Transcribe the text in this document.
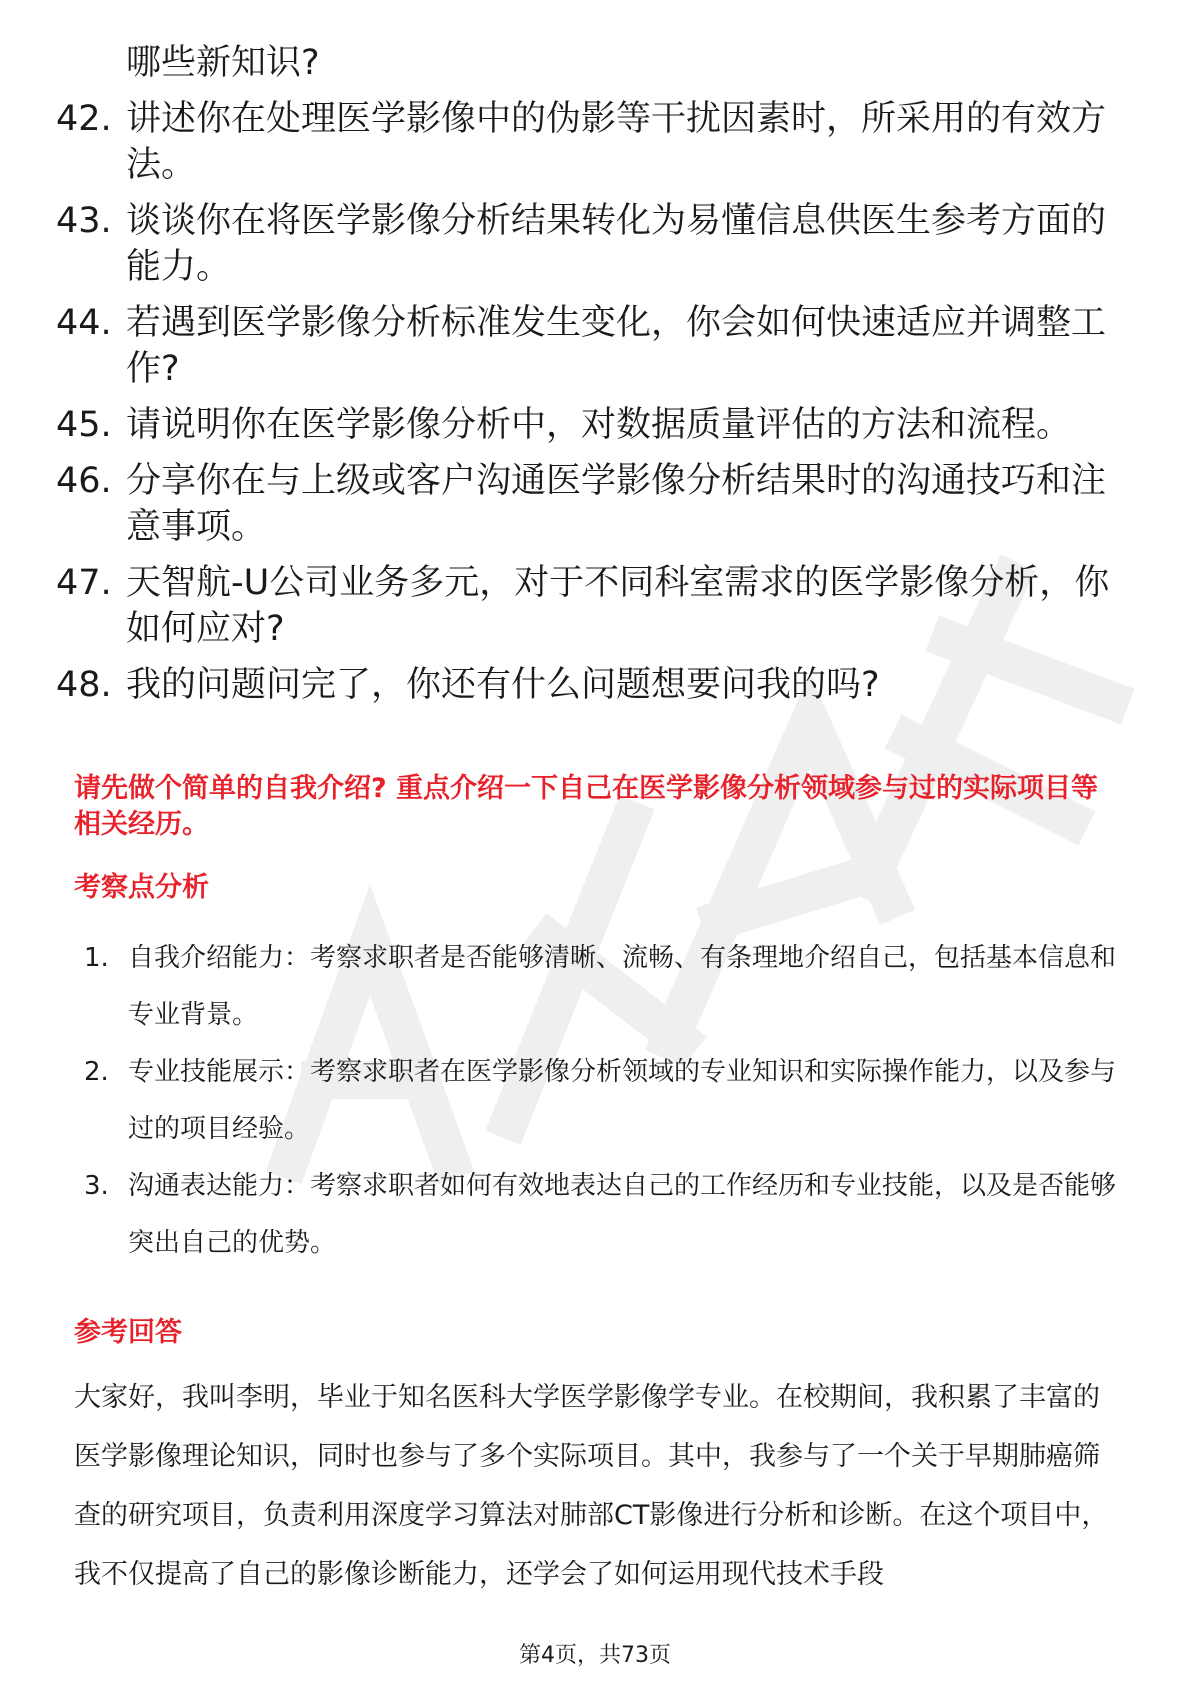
哪些新知识?
42. 讲述你在处理医学影像中的伪影等干扰因素时，所采用的有效方法。
43. 谈谈你在将医学影像分析结果转化为易懂信息供医生参考方面的能力。
44. 若遇到医学影像分析标准发生变化，你会如何快速适应并调整工作?
45. 请说明你在医学影像分析中，对数据质量评估的方法和流程。
46. 分享你在与上级或客户沟通医学影像分析结果时的沟通技巧和注意事项。
47. 天智航-U公司业务多元，对于不同科室需求的医学影像分析，你如何应对?
48. 我的问题问完了，你还有什么问题想要问我的吗?
请先做个简单的自我介绍? 重点介绍一下自己在医学影像分析领域参与过的实际项目等相关经历。
考察点分析
1. 自我介绍能力：考察求职者是否能够清晰、流畅、有条理地介绍自己，包括基本信息和专业背景。
2. 专业技能展示：考察求职者在医学影像分析领域的专业知识和实际操作能力，以及参与过的项目经验。
3. 沟通表达能力：考察求职者如何有效地表达自己的工作经历和专业技能，以及是否能够突出自己的优势。
参考回答
大家好，我叫李明，毕业于知名医科大学医学影像学专业。在校期间，我积累了丰富的医学影像理论知识，同时也参与了多个实际项目。其中，我参与了一个关于早期肺癌筛查的研究项目，负责利用深度学习算法对肺部CT影像进行分析和诊断。在这个项目中，我不仅提高了自己的影像诊断能力，还学会了如何运用现代技术手段
第4页，共73页
